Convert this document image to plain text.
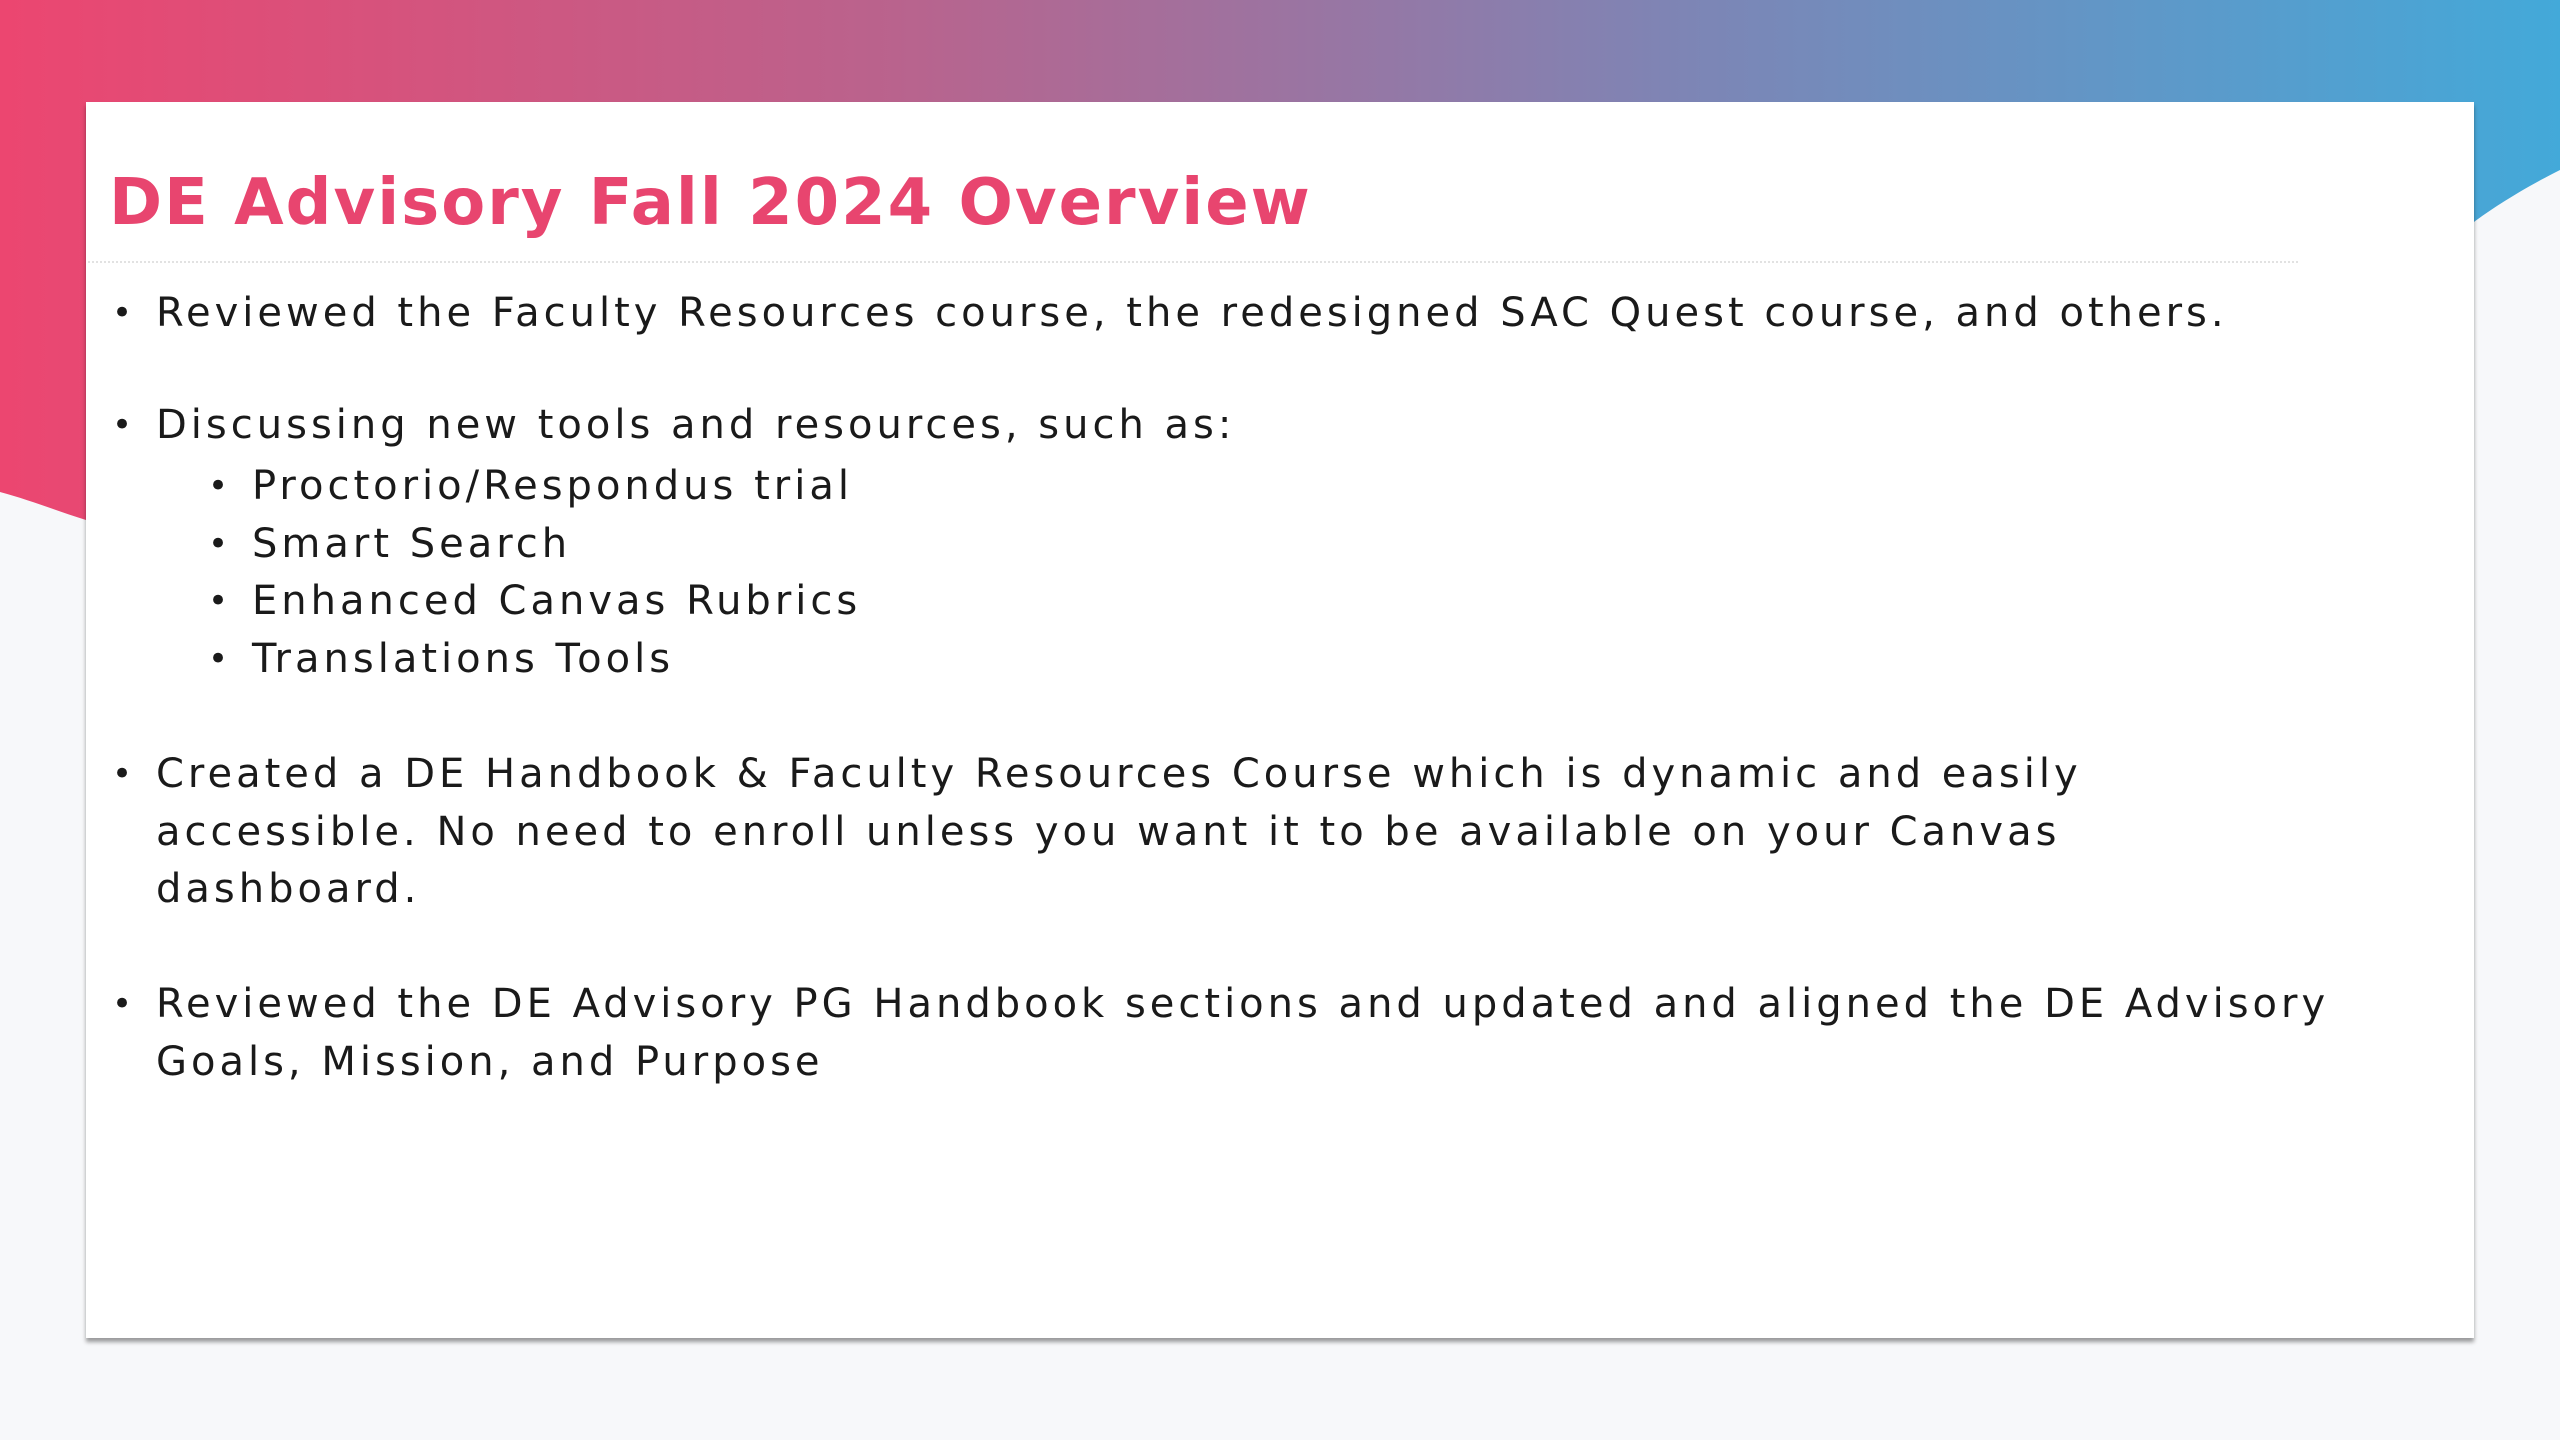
DE Advisory Fall 2024 Overview

• Reviewed the Faculty Resources course, the redesigned SAC Quest course, and others.

• Discussing new tools and resources, such as:

• Proctorio/Respondus trial

• Smart Search

• Enhanced Canvas Rubrics

• Translations Tools

• Created a DE Handbook & Faculty Resources Course which is dynamic and easily accessible. No need to enroll unless you want it to be available on your Canvas dashboard.

• Reviewed the DE Advisory PG Handbook sections and updated and aligned the DE Advisory Goals, Mission, and Purpose
